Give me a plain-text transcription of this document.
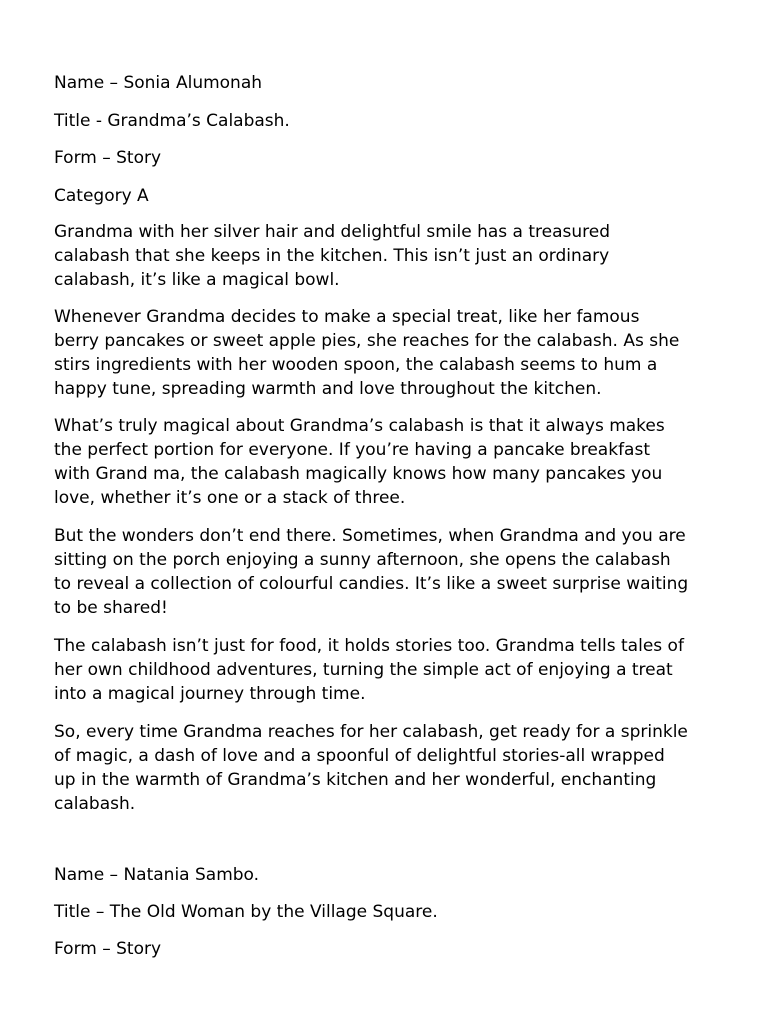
Name – Sonia Alumonah

Title - Grandma’s Calabash.

Form – Story

Category A

Grandma with her silver hair and delightful smile has a treasured
calabash that she keeps in the kitchen. This isn’t just an ordinary
calabash, it’s like a magical bowl.
Whenever Grandma decides to make a special treat, like her famous
berry pancakes or sweet apple pies, she reaches for the calabash. As she
stirs ingredients with her wooden spoon, the calabash seems to hum a
happy tune, spreading warmth and love throughout the kitchen.
What’s truly magical about Grandma’s calabash is that it always makes
the perfect portion for everyone. If you’re having a pancake breakfast
with Grand ma, the calabash magically knows how many pancakes you
love, whether it’s one or a stack of three.
But the wonders don’t end there. Sometimes, when Grandma and you are
sitting on the porch enjoying a sunny afternoon, she opens the calabash
to reveal a collection of colourful candies. It’s like a sweet surprise waiting
to be shared!
The calabash isn’t just for food, it holds stories too. Grandma tells tales of
her own childhood adventures, turning the simple act of enjoying a treat
into a magical journey through time.
So, every time Grandma reaches for her calabash, get ready for a sprinkle
of magic, a dash of love and a spoonful of delightful stories-all wrapped
up in the warmth of Grandma’s kitchen and her wonderful, enchanting
calabash.

Name – Natania Sambo.

Title – The Old Woman by the Village Square.

Form – Story
